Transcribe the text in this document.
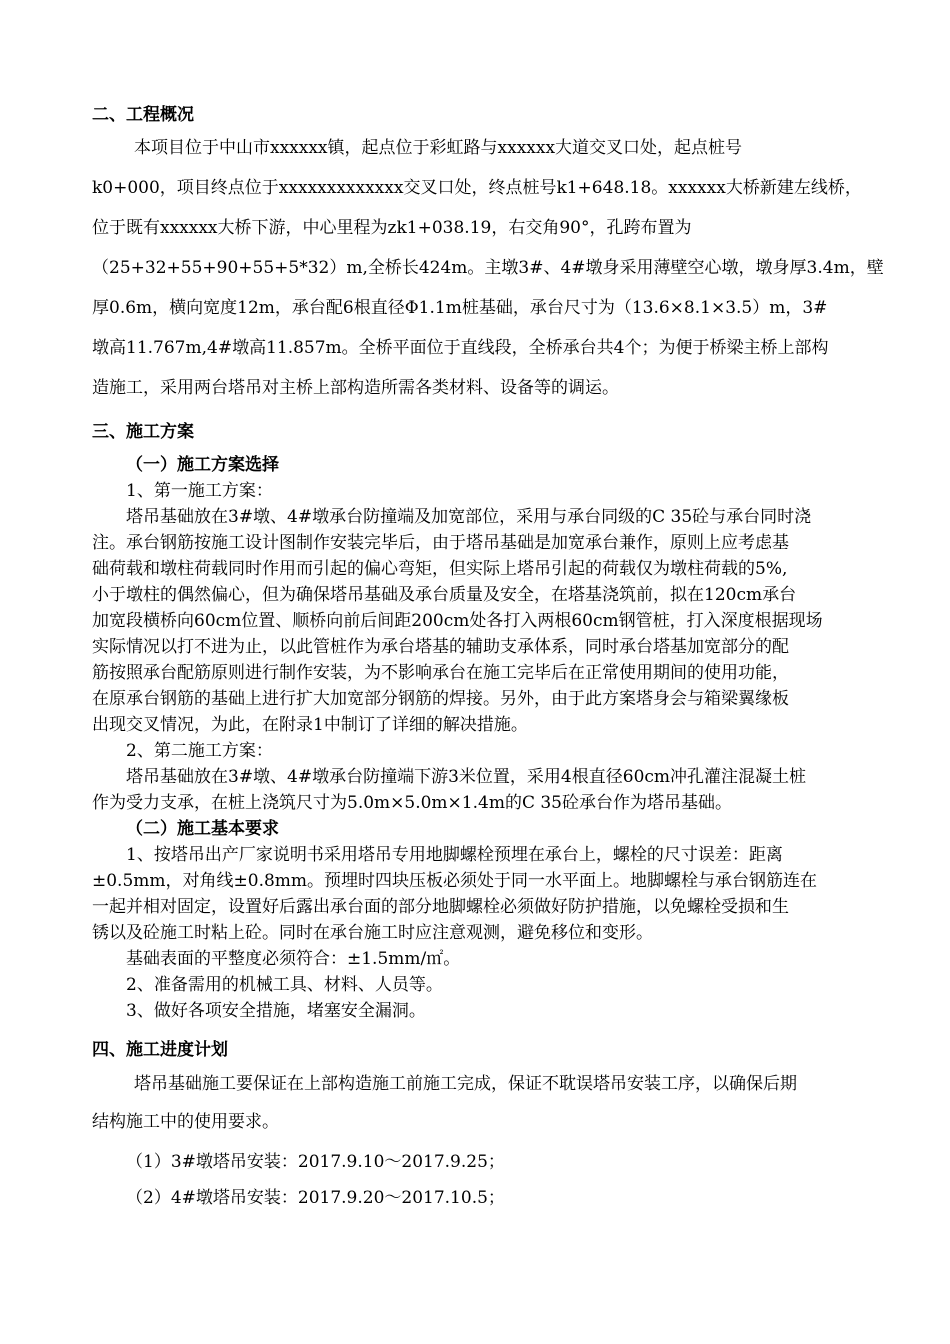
二、工程概况
本项目位于中山市xxxxxx镇，起点位于彩虹路与xxxxxx大道交叉口处，起点桩号
k0+000，项目终点位于xxxxxxxxxxxxx交叉口处，终点桩号k1+648.18。xxxxxx大桥新建左线桥，
位于既有xxxxxx大桥下游，中心里程为zk1+038.19，右交角90°，孔跨布置为
（25+32+55+90+55+5*32）m,全桥长424m。主墩3#、4#墩身采用薄壁空心墩，墩身厚3.4m，壁
厚0.6m，横向宽度12m，承台配6根直径Φ1.1m桩基础，承台尺寸为（13.6×8.1×3.5）m，3#
墩高11.767m,4#墩高11.857m。全桥平面位于直线段，全桥承台共4个；为便于桥梁主桥上部构
造施工，采用两台塔吊对主桥上部构造所需各类材料、设备等的调运。
三、施工方案
（一）施工方案选择
1、第一施工方案：
塔吊基础放在3#墩、4#墩承台防撞端及加宽部位，采用与承台同级的C 35砼与承台同时浇
注。承台钢筋按施工设计图制作安装完毕后，由于塔吊基础是加宽承台兼作，原则上应考虑基
础荷载和墩柱荷载同时作用而引起的偏心弯矩，但实际上塔吊引起的荷载仅为墩柱荷载的5%,
小于墩柱的偶然偏心，但为确保塔吊基础及承台质量及安全，在塔基浇筑前，拟在120cm承台
加宽段横桥向60cm位置、顺桥向前后间距200cm处各打入两根60cm钢管桩，打入深度根据现场
实际情况以打不进为止，以此管桩作为承台塔基的辅助支承体系，同时承台塔基加宽部分的配
筋按照承台配筋原则进行制作安装，为不影响承台在施工完毕后在正常使用期间的使用功能，
在原承台钢筋的基础上进行扩大加宽部分钢筋的焊接。另外，由于此方案塔身会与箱梁翼缘板
出现交叉情况，为此，在附录1中制订了详细的解决措施。
2、第二施工方案：
塔吊基础放在3#墩、4#墩承台防撞端下游3米位置，采用4根直径60cm冲孔灌注混凝土桩
作为受力支承，在桩上浇筑尺寸为5.0m×5.0m×1.4m的C 35砼承台作为塔吊基础。
（二）施工基本要求
1、按塔吊出产厂家说明书采用塔吊专用地脚螺栓预埋在承台上，螺栓的尺寸误差：距离
±0.5mm，对角线±0.8mm。预埋时四块压板必须处于同一水平面上。地脚螺栓与承台钢筋连在
一起并相对固定，设置好后露出承台面的部分地脚螺栓必须做好防护措施，以免螺栓受损和生
锈以及砼施工时粘上砼。同时在承台施工时应注意观测，避免移位和变形。
基础表面的平整度必须符合：±1.5mm/㎡。
2、准备需用的机械工具、材料、人员等。
3、做好各项安全措施，堵塞安全漏洞。
四、施工进度计划
塔吊基础施工要保证在上部构造施工前施工完成，保证不耽误塔吊安装工序，以确保后期
结构施工中的使用要求。
（1）3#墩塔吊安装：2017.9.10～2017.9.25；
（2）4#墩塔吊安装：2017.9.20～2017.10.5；
